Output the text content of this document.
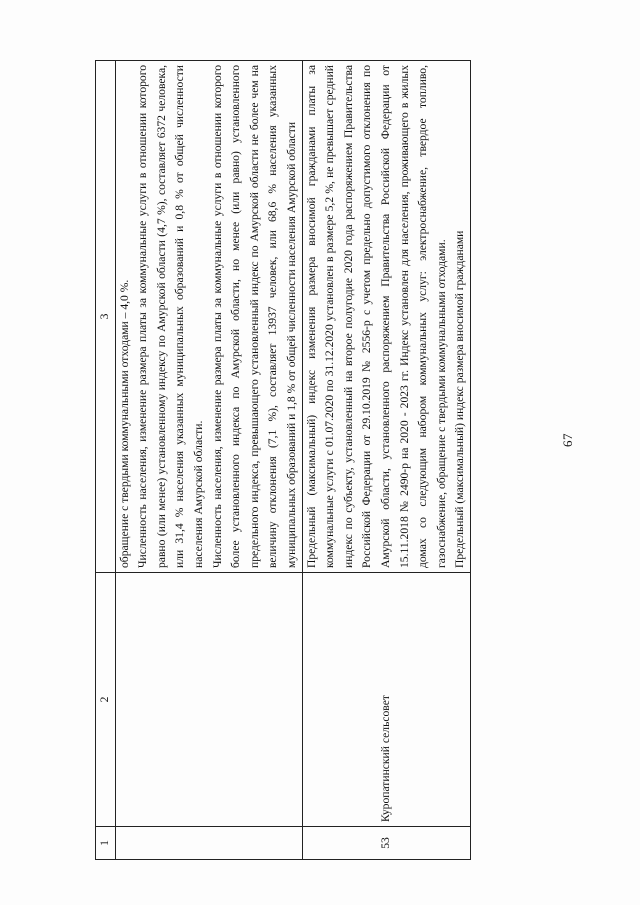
67
1	2	3

		обращение с твердыми коммунальными отходами – 4,0 %. Численность населения, изменение размера платы за коммунальные услуги в отношении которого равно (или менее) установленному индексу по Амурской области (4,7 %), составляет 6372 человека, или 31,4 % населения указанных муниципальных образований и 0,8 % от общей численности населения Амурской области. Численность населения, изменение размера платы за коммунальные услуги в отношении которого более установленного индекса по Амурской области, но менее (или равно) установленного предельного индекса, превышающего установленный индекс по Амурской области не более чем на величину отклонения (7,1 %), составляет 13937 человек, или 68,6 % населения указанных муниципальных образований и 1,8 % от общей численности населения Амурской области

53	Куропатинский сельсовет	Предельный (максимальный) индекс изменения размера вносимой гражданами платы за коммунальные услуги с 01.07.2020 по 31.12.2020 установлен в размере 5,2 %, не превышает средний индекс по субъекту, установленный на второе полугодие 2020 года распоряжением Правительства Российской Федерации от 29.10.2019 № 2556-р с учетом предельно допустимого отклонения по Амурской области, установленного распоряжением Правительства Российской Федерации от 15.11.2018 № 2490-р на 2020 - 2023 гг. Индекс установлен для населения, проживающего в жилых домах со следующим набором коммунальных услуг: электроснабжение, твердое топливо, газоснабжение, обращение с твердыми коммунальными отходами. Предельный (максимальный) индекс размера вносимой гражданами
